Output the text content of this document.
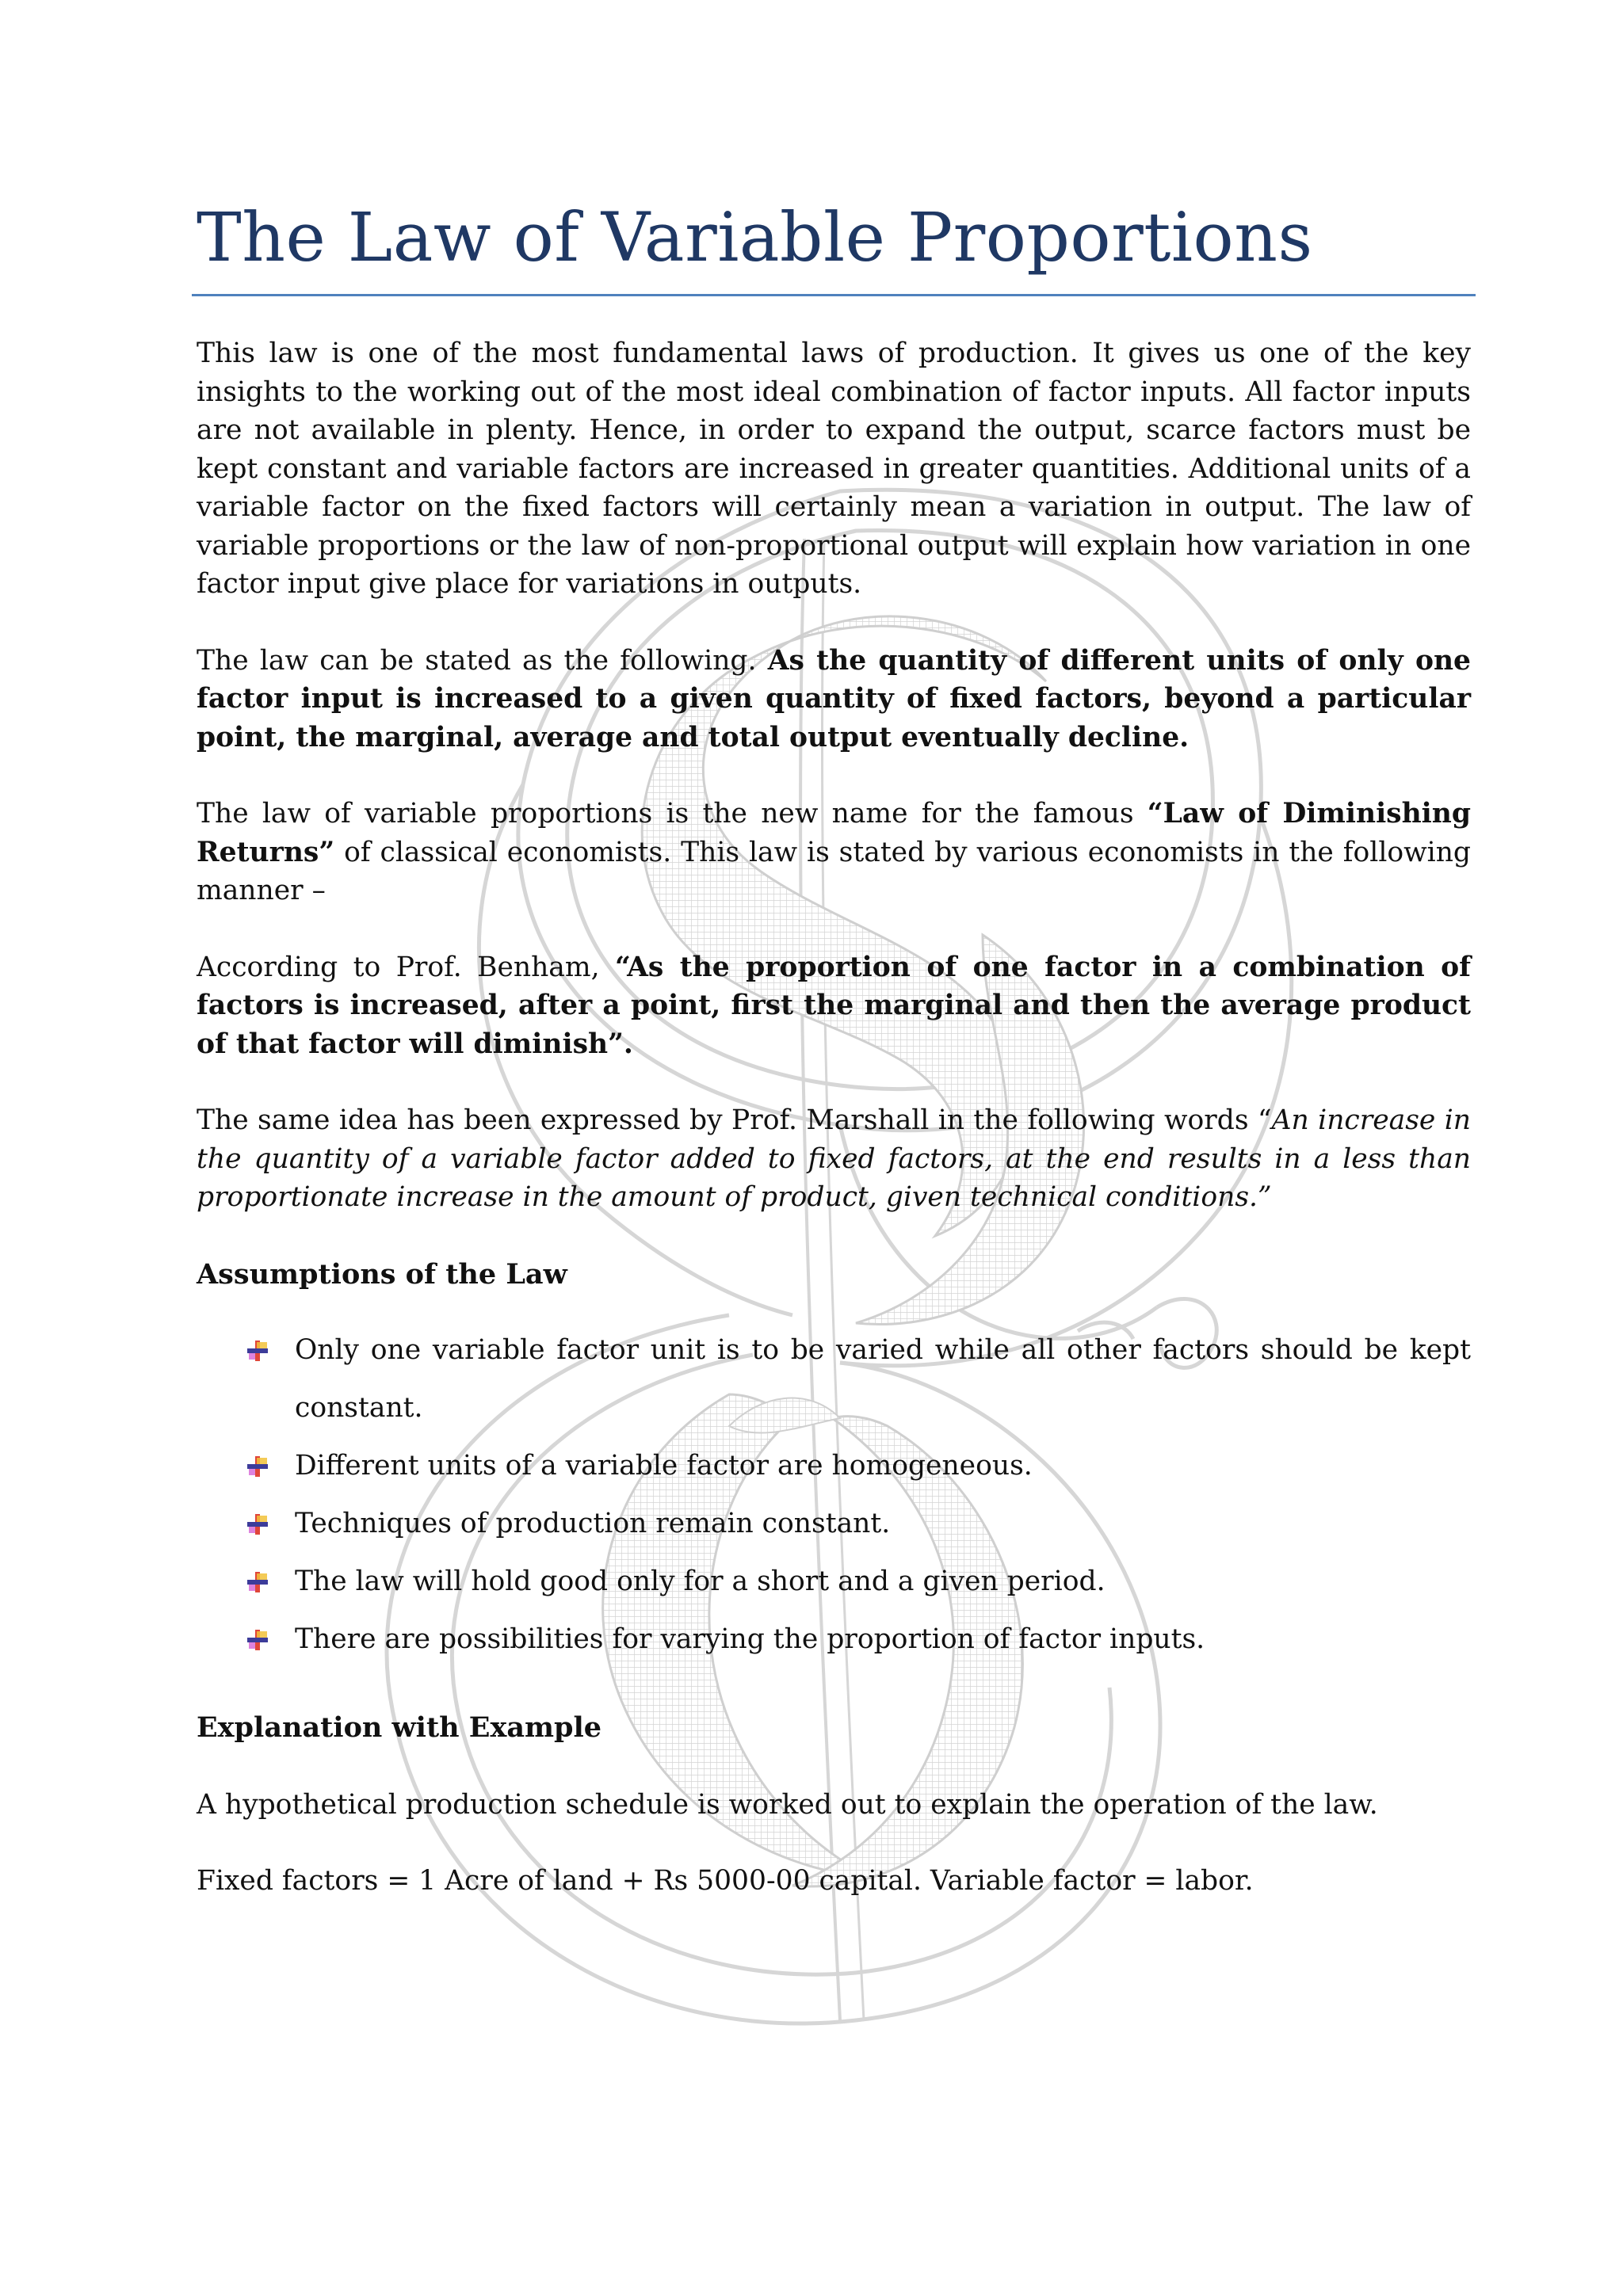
The Law of Variable Proportions

This law is one of the most fundamental laws of production. It gives us one of the key insights to the working out of the most ideal combination of factor inputs. All factor inputs are not available in plenty. Hence, in order to expand the output, scarce factors must be kept constant and variable factors are increased in greater quantities. Additional units of a variable factor on the fixed factors will certainly mean a variation in output. The law of variable proportions or the law of non-proportional output will explain how variation in one factor input give place for variations in outputs.

The law can be stated as the following. As the quantity of different units of only one factor input is increased to a given quantity of fixed factors, beyond a particular point, the marginal, average and total output eventually decline.

The law of variable proportions is the new name for the famous “Law of Diminishing Returns” of classical economists. This law is stated by various economists in the following manner –

According to Prof. Benham, “As the proportion of one factor in a combination of factors is increased, after a point, first the marginal and then the average product of that factor will diminish”.

The same idea has been expressed by Prof. Marshall in the following words “An increase in the quantity of a variable factor added to fixed factors, at the end results in a less than proportionate increase in the amount of product, given technical conditions.”

Assumptions of the Law
Only one variable factor unit is to be varied while all other factors should be kept constant.
Different units of a variable factor are homogeneous.
Techniques of production remain constant.
The law will hold good only for a short and a given period.
There are possibilities for varying the proportion of factor inputs.
Explanation with Example

A hypothetical production schedule is worked out to explain the operation of the law.

Fixed factors = 1 Acre of land + Rs 5000-00 capital. Variable factor = labor.
